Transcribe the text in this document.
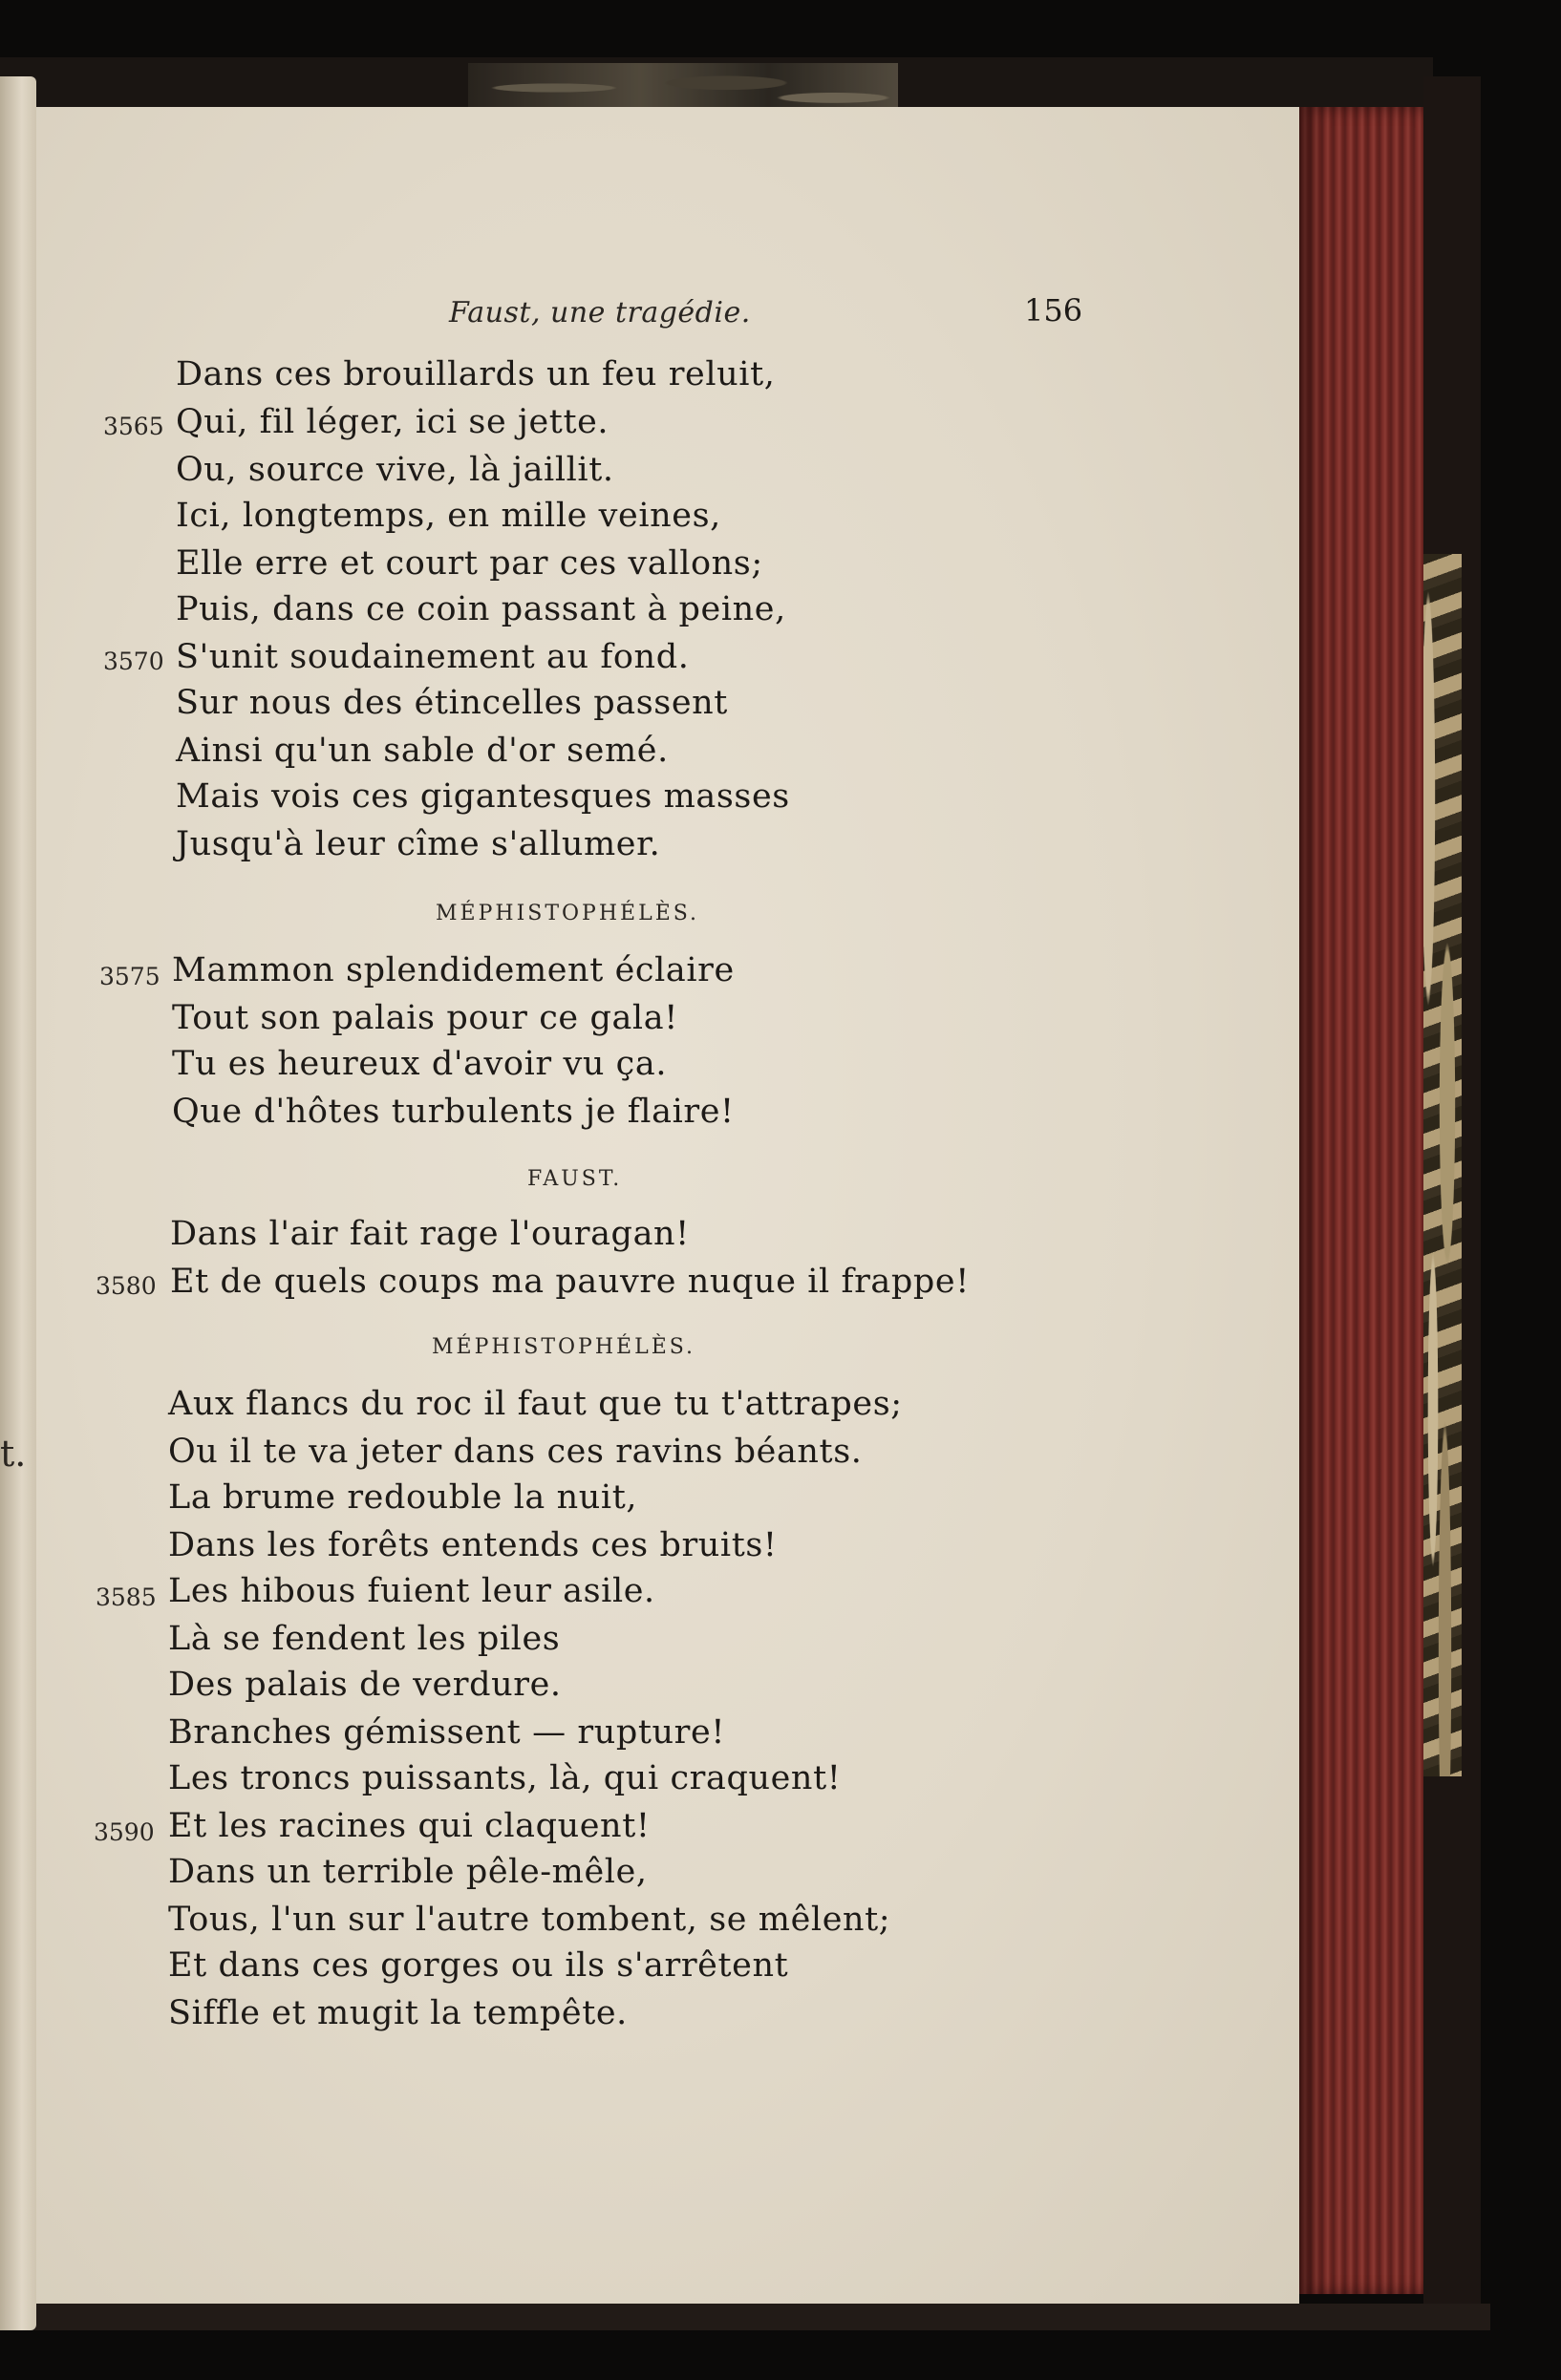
t.
Faust, une tragédie.	156
Dans ces brouillards un feu reluit,
Qui, fil léger, ici se jette.
3565
Ou, source vive, là jaillit.
Ici, longtemps, en mille veines,
Elle erre et court par ces vallons;
Puis, dans ce coin passant à peine,
S'unit soudainement au fond.
3570
Sur nous des étincelles passent
Ainsi qu'un sable d'or semé.
Mais vois ces gigantesques masses
Jusqu'à leur cîme s'allumer.
MÉPHISTOPHÉLÈS.
Mammon splendidement éclaire
3575
Tout son palais pour ce gala!
Tu es heureux d'avoir vu ça.
Que d'hôtes turbulents je flaire!
FAUST.
Dans l'air fait rage l'ouragan!
Et de quels coups ma pauvre nuque il frappe!
3580
MÉPHISTOPHÉLÈS.
Aux flancs du roc il faut que tu t'attrapes;
Ou il te va jeter dans ces ravins béants.
La brume redouble la nuit,
Dans les forêts entends ces bruits!
Les hibous fuient leur asile.
3585
Là se fendent les piles
Des palais de verdure.
Branches gémissent — rupture!
Les troncs puissants, là, qui craquent!
Et les racines qui claquent!
3590
Dans un terrible pêle-mêle,
Tous, l'un sur l'autre tombent, se mêlent;
Et dans ces gorges ou ils s'arrêtent
Siffle et mugit la tempête.
